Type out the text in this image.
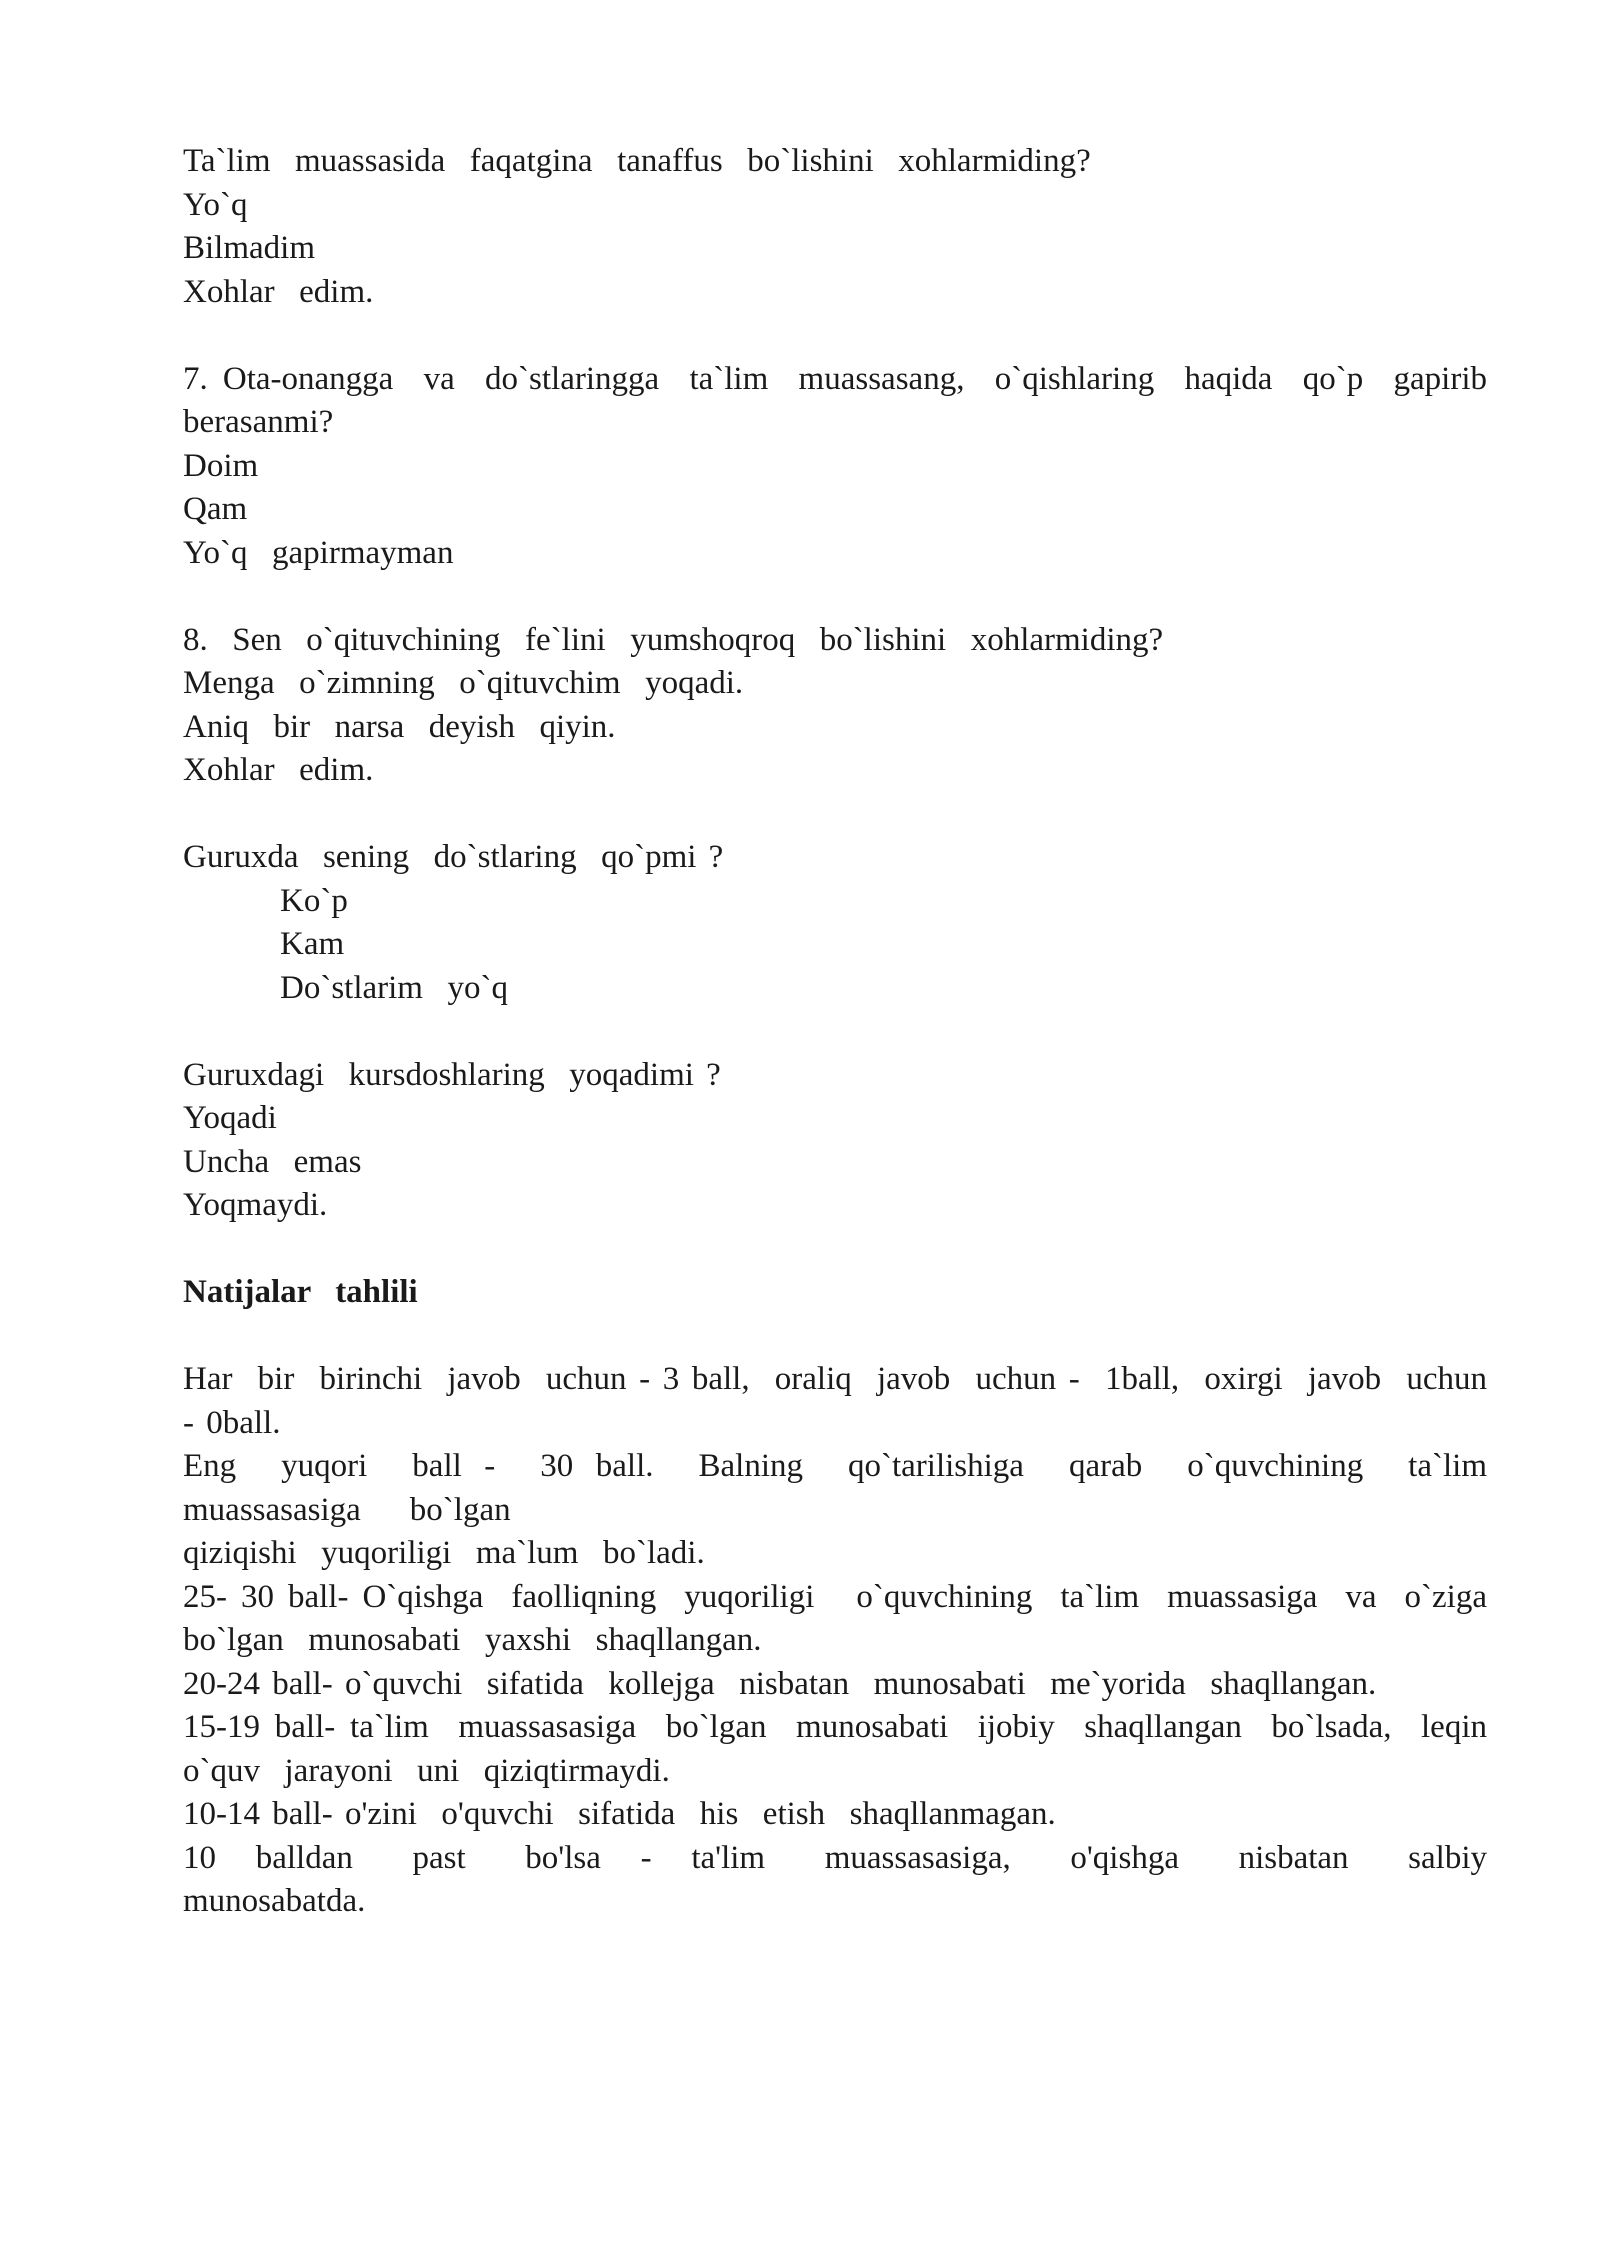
Ta`lim  muassasida  faqatgina  tanaffus  bo`lishini  xohlarmiding?

Yo`q

Bilmadim

Xohlar  edim.

7. Ota-onangga  va  do`stlaringga  ta`lim  muassasang,  o`qishlaring  haqida  qo`p  gapirib  berasanmi?

Doim

Qam

Yo`q  gapirmayman

8.  Sen  o`qituvchining  fe`lini  yumshoqroq  bo`lishini  xohlarmiding?

Menga  o`zimning  o`qituvchim  yoqadi.

Aniq  bir  narsa  deyish  qiyin.

Xohlar  edim.

Guruxda  sening  do`stlaring  qo`pmi ?

Ko`p

Kam

Do`stlarim  yo`q

Guruxdagi  kursdoshlaring  yoqadimi ?

Yoqadi

Uncha  emas

Yoqmaydi.

Natijalar  tahlili

Har  bir  birinchi  javob  uchun - 3 ball,  oraliq  javob  uchun -  1ball,  oxirgi  javob  uchun - 0ball.

Eng  yuqori  ball -  30 ball.  Balning  qo`tarilishiga  qarab  o`quvchining  ta`lim  muassasasiga    bo`lgan

qiziqishi  yuqoriligi  ma`lum  bo`ladi.

25- 30 ball- O`qishga  faolliqning  yuqoriligi   o`quvchining  ta`lim  muassasiga  va  o`ziga  bo`lgan  munosabati  yaxshi  shaqllangan.

20-24 ball- o`quvchi  sifatida  kollejga  nisbatan  munosabati  me`yorida  shaqllangan.

15-19 ball- ta`lim  muassasasiga  bo`lgan  munosabati  ijobiy  shaqllangan  bo`lsada,  leqin  o`quv  jarayoni  uni  qiziqtirmaydi.

10-14 ball- o'zini  o'quvchi  sifatida  his  etish  shaqllanmagan.

10  balldan   past   bo'lsa  -  ta'lim   muassasasiga,   o'qishga   nisbatan   salbiy  munosabatda.
